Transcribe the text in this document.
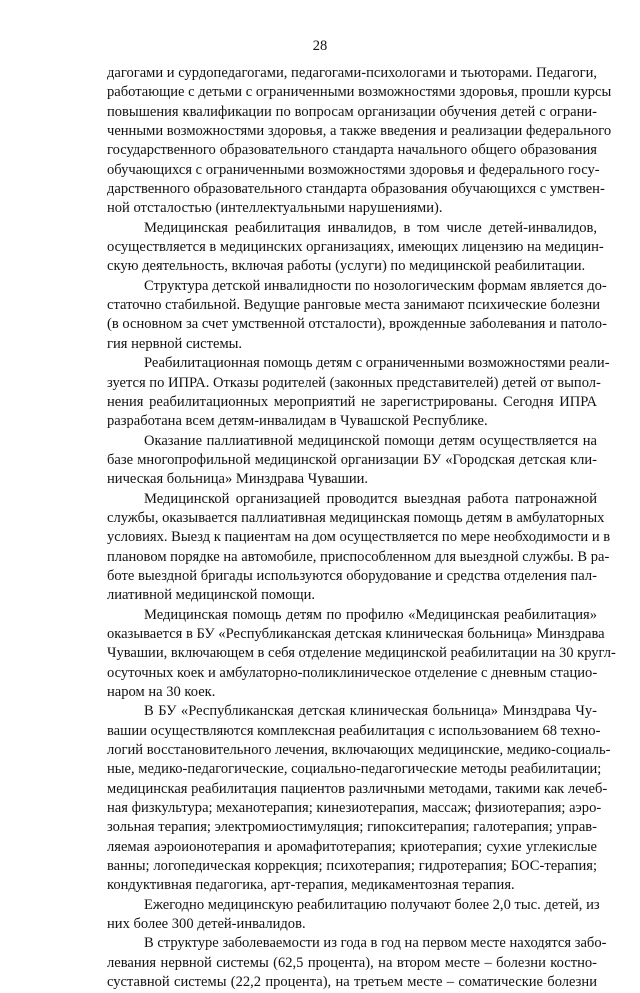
28
дагогами и сурдопедагогами, педагогами-психологами и тьюторами. Педагоги,
работающие с детьми с ограниченными возможностями здоровья, прошли курсы
повышения квалификации по вопросам организации обучения детей с ограни-
ченными возможностями здоровья, а также введения и реализации федерального
государственного образовательного стандарта начального общего образования
обучающихся с ограниченными возможностями здоровья и федерального госу-
дарственного образовательного стандарта образования обучающихся с умствен-
ной отсталостью (интеллектуальными нарушениями).
Медицинская реабилитация инвалидов, в том числе детей-инвалидов,
осуществляется в медицинских организациях, имеющих лицензию на медицин-
скую деятельность, включая работы (услуги) по медицинской реабилитации.
Структура детской инвалидности по нозологическим формам является до-
статочно стабильной. Ведущие ранговые места занимают психические болезни
(в основном за счет умственной отсталости), врожденные заболевания и патоло-
гия нервной системы.
Реабилитационная помощь детям с ограниченными возможностями реали-
зуется по ИПРА. Отказы родителей (законных представителей) детей от выпол-
нения реабилитационных мероприятий не зарегистрированы. Сегодня ИПРА
разработана всем детям-инвалидам в Чувашской Республике.
Оказание паллиативной медицинской помощи детям осуществляется на
базе многопрофильной медицинской организации БУ «Городская детская кли-
ническая больница» Минздрава Чувашии.
Медицинской организацией проводится выездная работа патронажной
службы, оказывается паллиативная медицинская помощь детям в амбулаторных
условиях. Выезд к пациентам на дом осуществляется по мере необходимости и в
плановом порядке на автомобиле, приспособленном для выездной службы. В ра-
боте выездной бригады используются оборудование и средства отделения пал-
лиативной медицинской помощи.
Медицинская помощь детям по профилю «Медицинская реабилитация»
оказывается в БУ «Республиканская детская клиническая больница» Минздрава
Чувашии, включающем в себя отделение медицинской реабилитации на 30 кругл-
осуточных коек и амбулаторно-поликлиническое отделение с дневным стацио-
наром на 30 коек.
В БУ «Республиканская детская клиническая больница» Минздрава Чу-
вашии осуществляются комплексная реабилитация с использованием 68 техно-
логий восстановительного лечения, включающих медицинские, медико-социаль-
ные, медико-педагогические, социально-педагогические методы реабилитации;
медицинская реабилитация пациентов различными методами, такими как лечеб-
ная физкультура; механотерапия; кинезиотерапия, массаж; физиотерапия; аэро-
зольная терапия; электромиостимуляция; гипокситерапия; галотерапия; управ-
ляемая аэроионотерапия и аромафитотерапия; криотерапия; сухие углекислые
ванны; логопедическая коррекция; психотерапия; гидротерапия; БОС-терапия;
кондуктивная педагогика, арт-терапия, медикаментозная терапия.
Ежегодно медицинскую реабилитацию получают более 2,0 тыс. детей, из
них более 300 детей-инвалидов.
В структуре заболеваемости из года в год на первом месте находятся забо-
левания нервной системы (62,5 процента), на втором месте – болезни костно-
суставной системы (22,2 процента), на третьем месте – соматические болезни
